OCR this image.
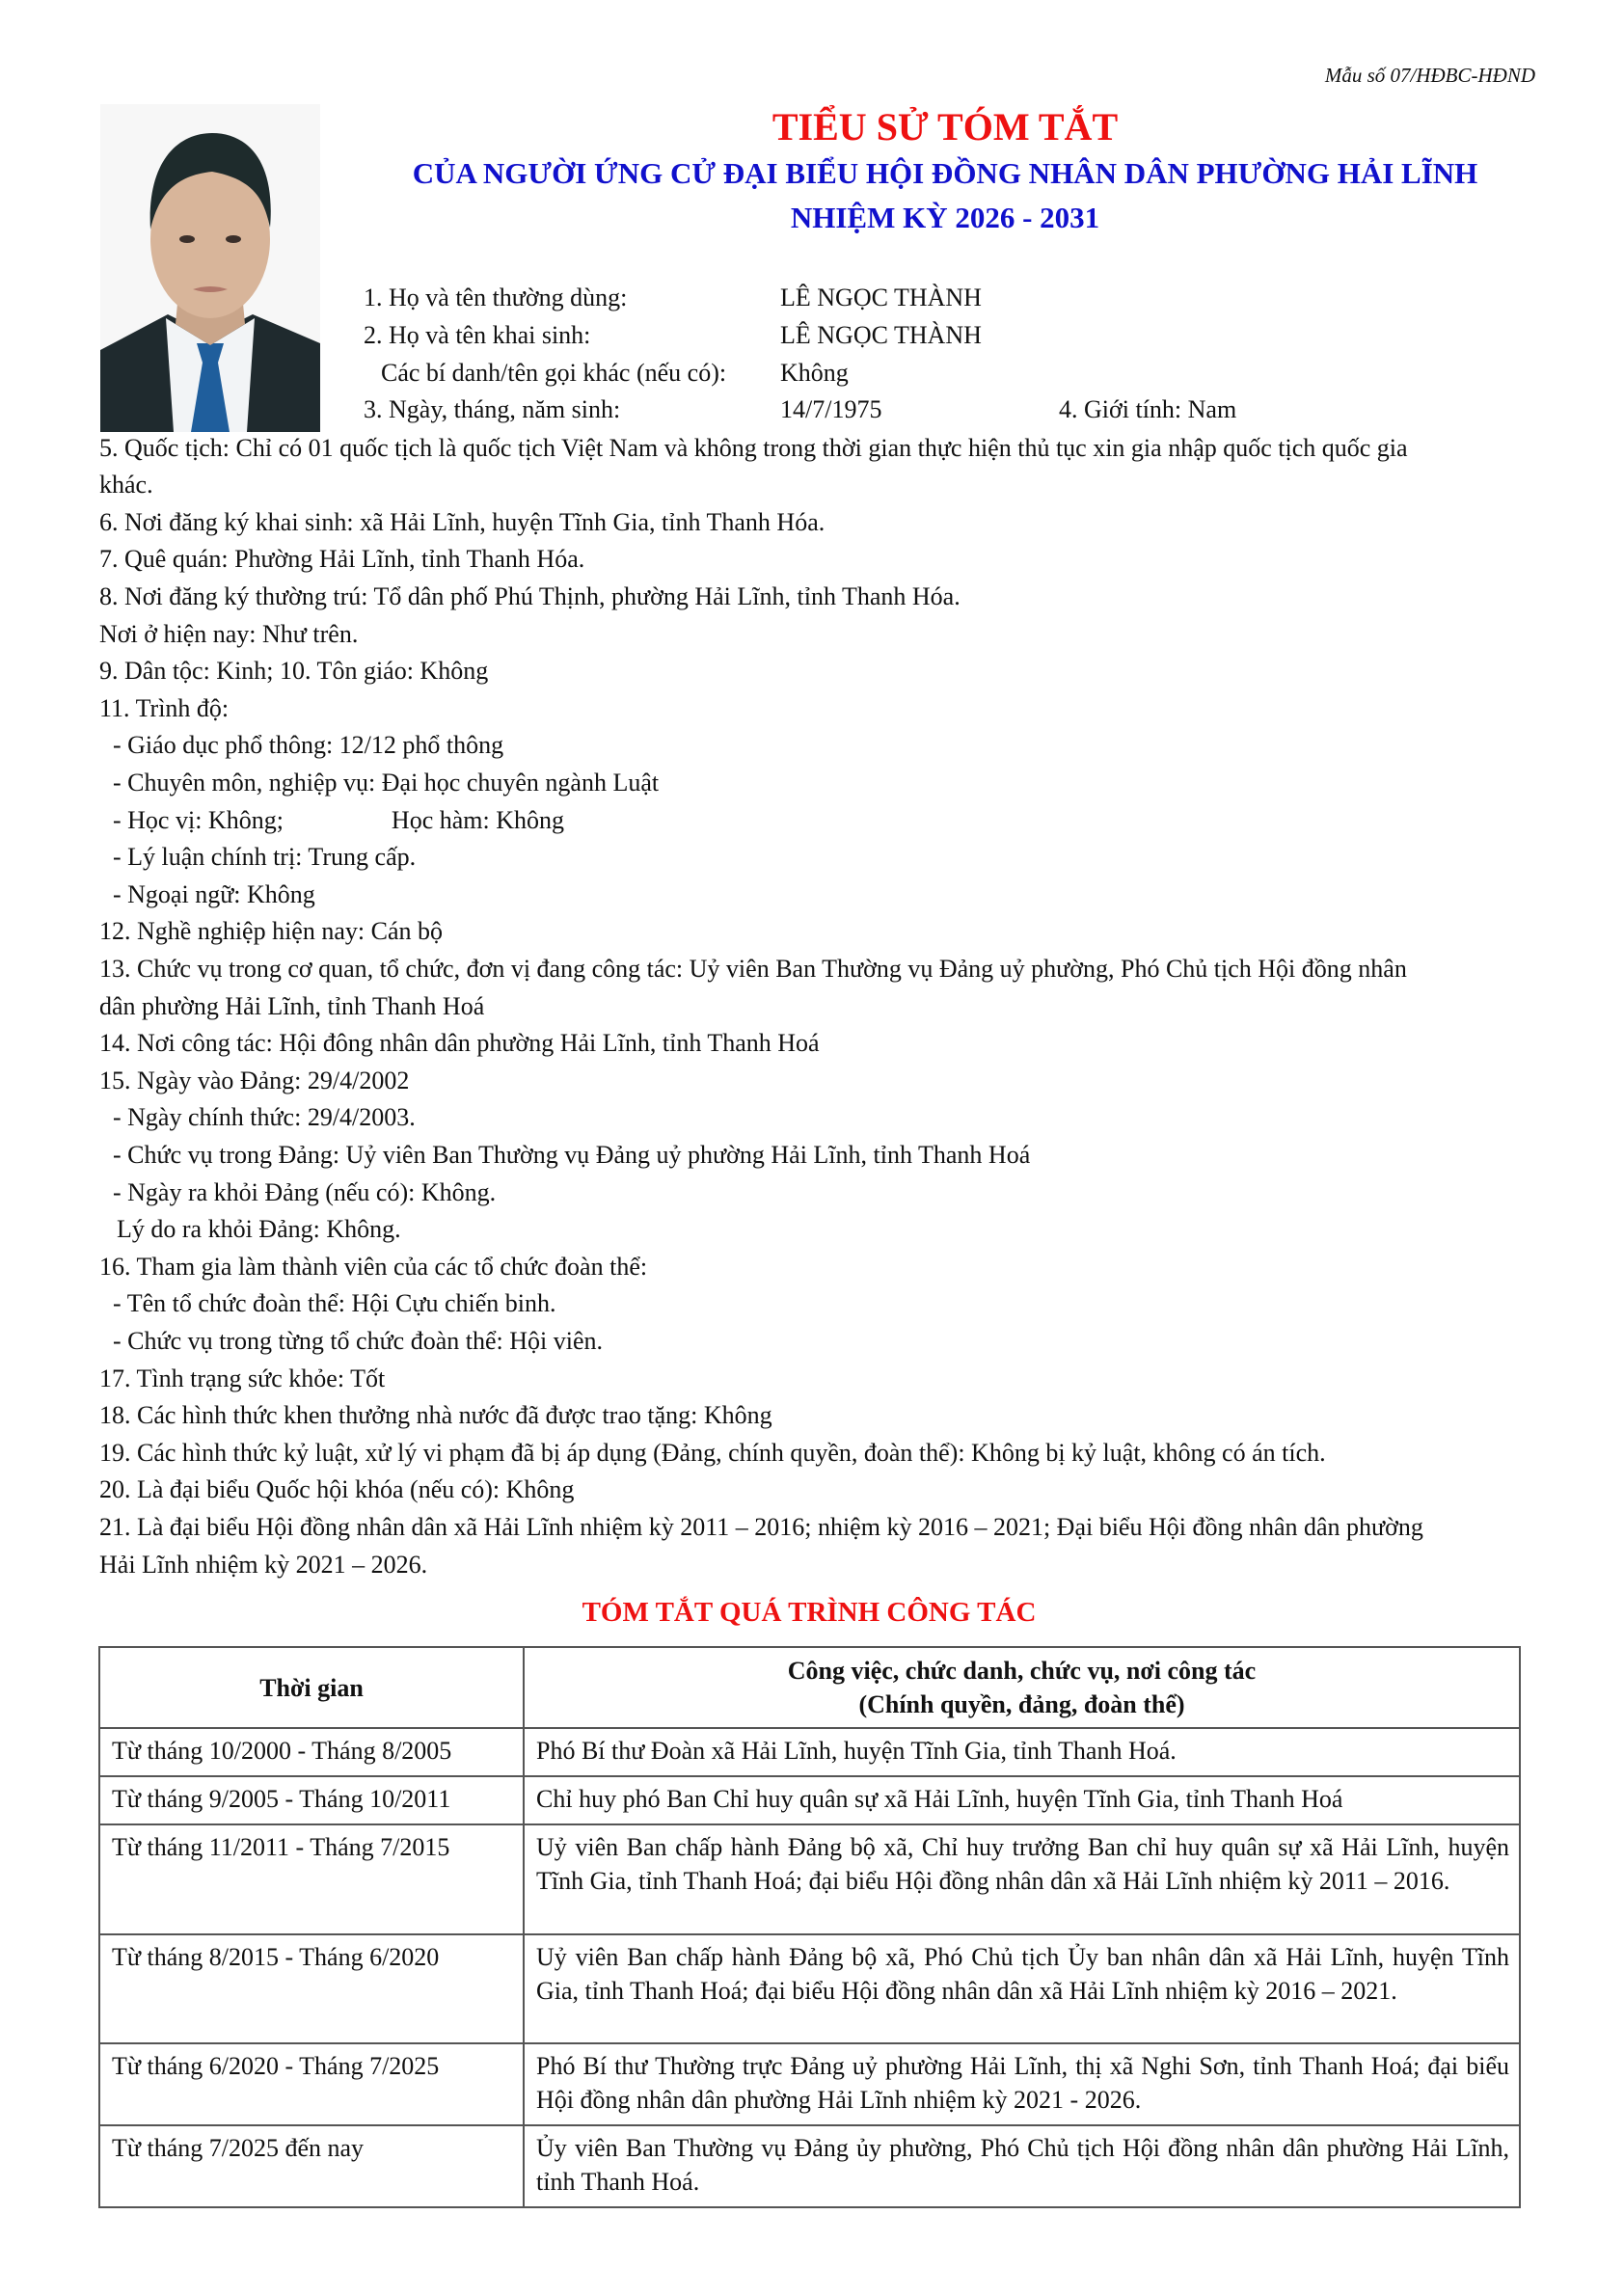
Mẫu số 07/HĐBC-HĐND
TIỂU SỬ TÓM TẮT
CỦA NGƯỜI ỨNG CỬ ĐẠI BIỂU HỘI ĐỒNG NHÂN DÂN PHƯỜNG HẢI LĨNH
NHIỆM KỲ 2026 - 2031
1. Họ và tên thường dùng:	LÊ NGỌC THÀNH
2. Họ và tên khai sinh:	LÊ NGỌC THÀNH
Các bí danh/tên gọi khác (nếu có): Không
3. Ngày, tháng, năm sinh:	14/7/1975	4. Giới tính: Nam
5. Quốc tịch: Chỉ có 01 quốc tịch là quốc tịch Việt Nam và không trong thời gian thực hiện thủ tục xin gia nhập quốc tịch quốc gia
khác.
6. Nơi đăng ký khai sinh: xã Hải Lĩnh, huyện Tĩnh Gia, tỉnh Thanh Hóa.
7. Quê quán: Phường Hải Lĩnh, tỉnh Thanh Hóa.
8. Nơi đăng ký thường trú: Tổ dân phố Phú Thịnh, phường Hải Lĩnh, tỉnh Thanh Hóa.
Nơi ở hiện nay: Như trên.
9. Dân tộc: Kinh; 10. Tôn giáo: Không
11. Trình độ:
- Giáo dục phổ thông: 12/12 phổ thông
- Chuyên môn, nghiệp vụ: Đại học chuyên ngành Luật
- Học vị: Không;	Học hàm: Không
- Lý luận chính trị: Trung cấp.
- Ngoại ngữ: Không
12. Nghề nghiệp hiện nay: Cán bộ
13. Chức vụ trong cơ quan, tổ chức, đơn vị đang công tác: Uỷ viên Ban Thường vụ Đảng uỷ phường, Phó Chủ tịch Hội đồng nhân
dân phường Hải Lĩnh, tỉnh Thanh Hoá
14. Nơi công tác: Hội đông nhân dân phường Hải Lĩnh, tỉnh Thanh Hoá
15. Ngày vào Đảng: 29/4/2002
- Ngày chính thức: 29/4/2003.
- Chức vụ trong Đảng: Uỷ viên Ban Thường vụ Đảng uỷ phường Hải Lĩnh, tỉnh Thanh Hoá
- Ngày ra khỏi Đảng (nếu có): Không.
Lý do ra khỏi Đảng: Không.
16. Tham gia làm thành viên của các tổ chức đoàn thể:
- Tên tổ chức đoàn thể: Hội Cựu chiến binh.
- Chức vụ trong từng tổ chức đoàn thể: Hội viên.
17. Tình trạng sức khỏe: Tốt
18. Các hình thức khen thưởng nhà nước đã được trao tặng: Không
19. Các hình thức kỷ luật, xử lý vi phạm đã bị áp dụng (Đảng, chính quyền, đoàn thể): Không bị kỷ luật, không có án tích.
20. Là đại biểu Quốc hội khóa (nếu có): Không
21. Là đại biểu Hội đồng nhân dân xã Hải Lĩnh nhiệm kỳ 2011 – 2016; nhiệm kỳ 2016 – 2021; Đại biểu Hội đồng nhân dân phường
Hải Lĩnh nhiệm kỳ 2021 – 2026.
TÓM TẮT QUÁ TRÌNH CÔNG TÁC
Thời gian	Công việc, chức danh, chức vụ, nơi công tác
(Chính quyền, đảng, đoàn thể)

Từ tháng 10/2000 - Tháng 8/2005	Phó Bí thư Đoàn xã Hải Lĩnh, huyện Tĩnh Gia, tỉnh Thanh Hoá.
Từ tháng 9/2005 - Tháng 10/2011	Chỉ huy phó Ban Chỉ huy quân sự xã Hải Lĩnh, huyện Tĩnh Gia, tỉnh Thanh Hoá
Từ tháng 11/2011 - Tháng 7/2015	Uỷ viên Ban chấp hành Đảng bộ xã, Chỉ huy trưởng Ban chỉ huy quân sự xã Hải Lĩnh, huyện Tĩnh Gia, tỉnh Thanh Hoá; đại biểu Hội đồng nhân dân xã Hải Lĩnh nhiệm kỳ 2011 – 2016.
Từ tháng 8/2015 - Tháng 6/2020	Uỷ viên Ban chấp hành Đảng bộ xã, Phó Chủ tịch Ủy ban nhân dân xã Hải Lĩnh, huyện Tĩnh Gia, tỉnh Thanh Hoá; đại biểu Hội đồng nhân dân xã Hải Lĩnh nhiệm kỳ 2016 – 2021.
Từ tháng 6/2020 - Tháng 7/2025	Phó Bí thư Thường trực Đảng uỷ phường Hải Lĩnh, thị xã Nghi Sơn, tỉnh Thanh Hoá; đại biểu Hội đồng nhân dân phường Hải Lĩnh nhiệm kỳ 2021 - 2026.
Từ tháng 7/2025 đến nay	Ủy viên Ban Thường vụ Đảng ủy phường, Phó Chủ tịch Hội đồng nhân dân phường Hải Lĩnh, tỉnh Thanh Hoá.
